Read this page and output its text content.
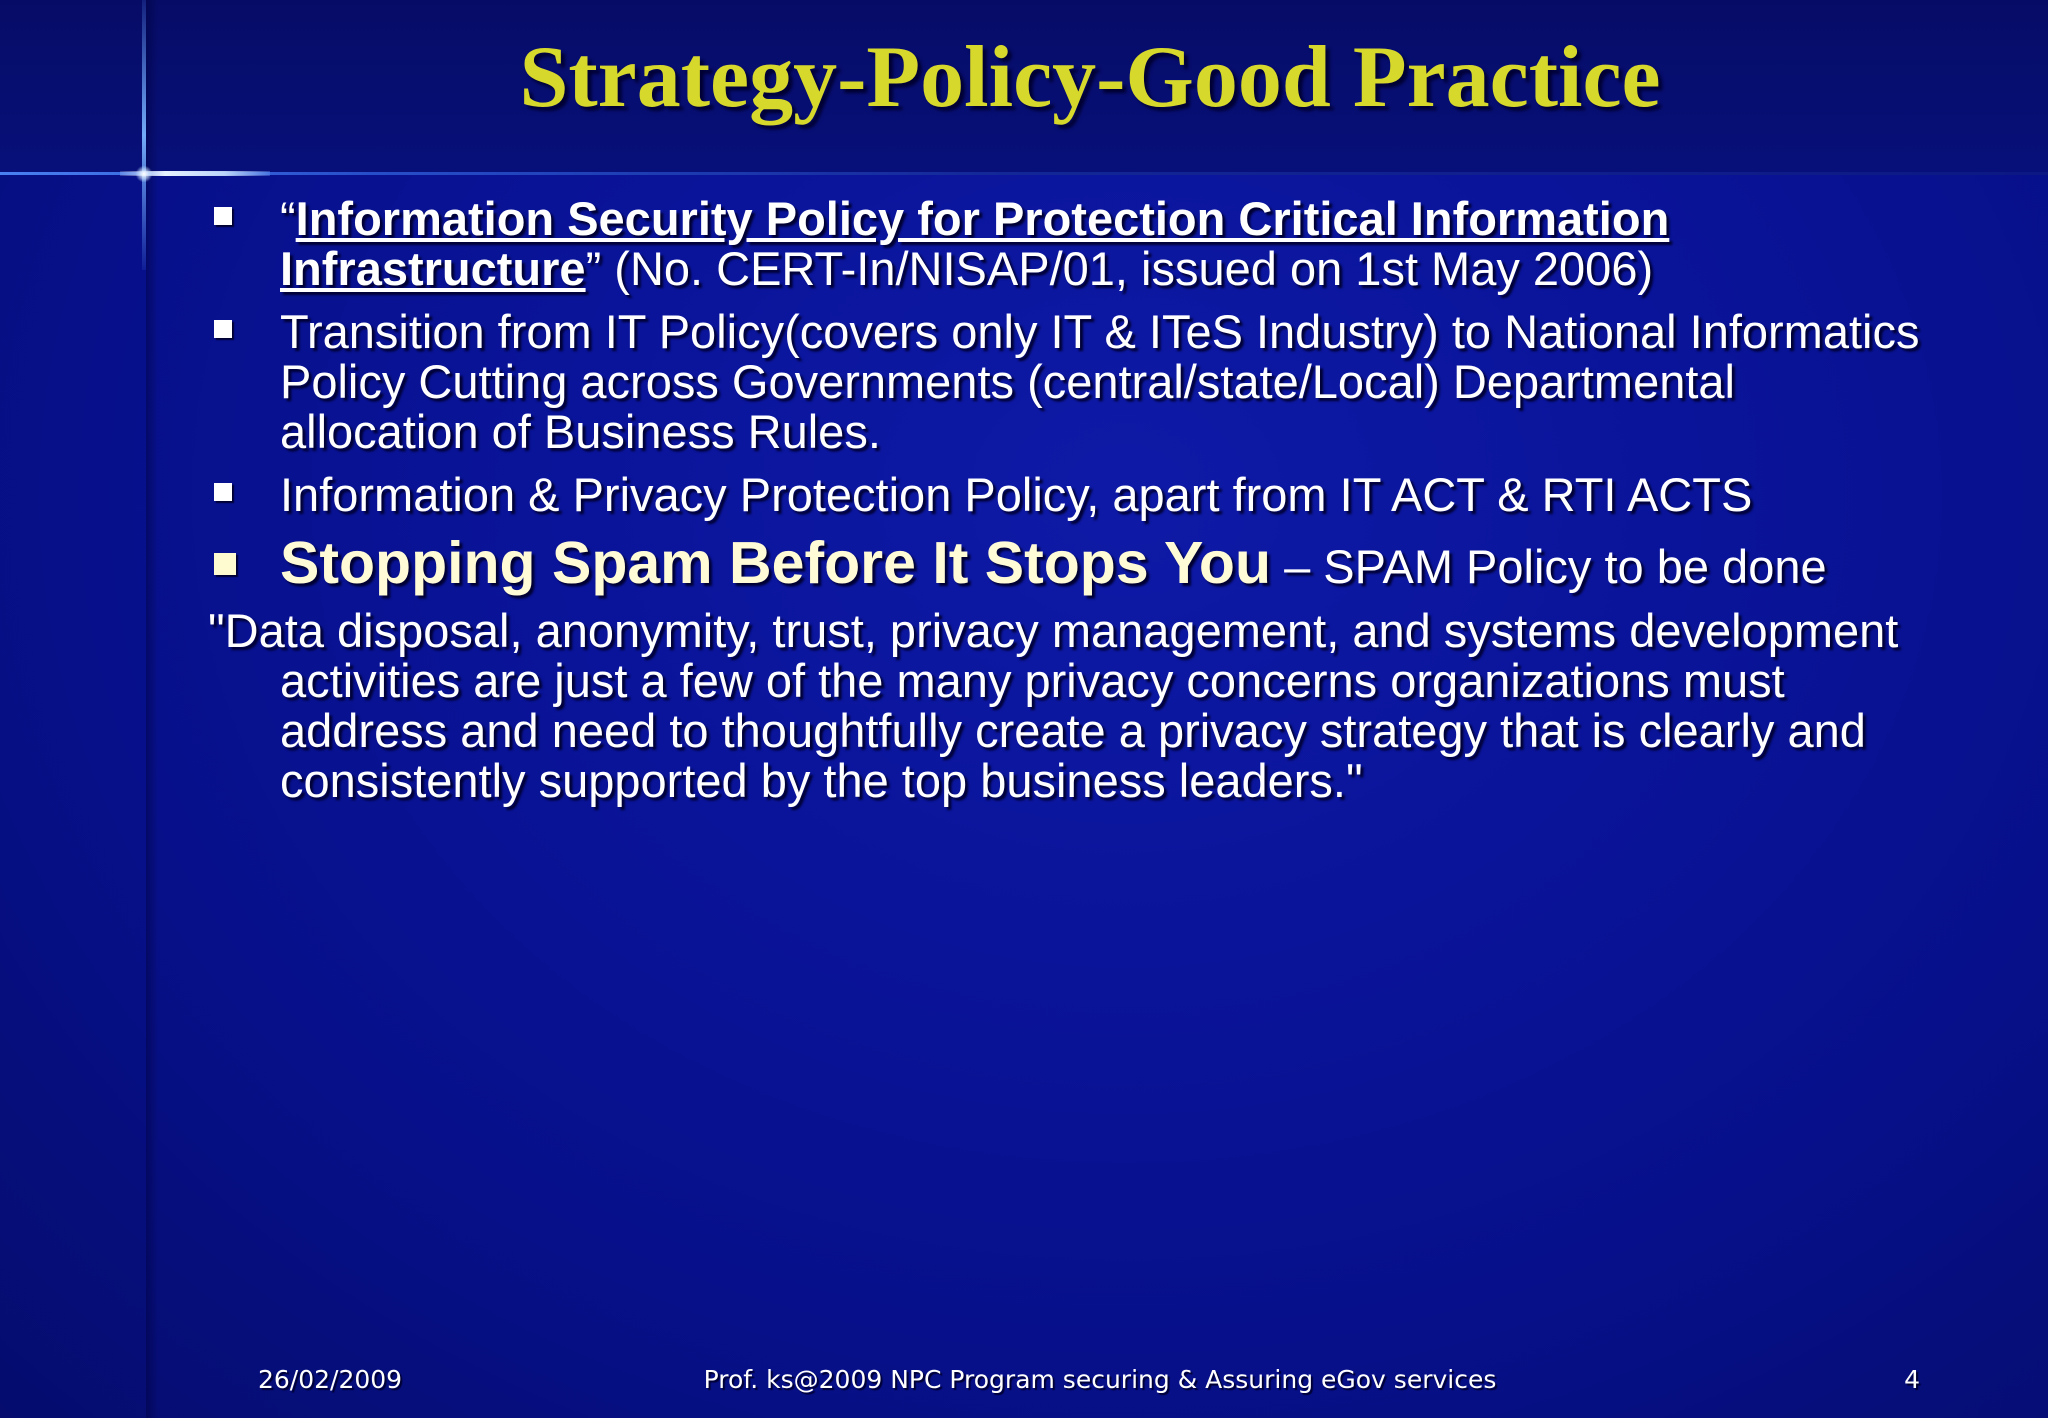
Strategy-Policy-Good Practice
“Information Security Policy for Protection Critical Information
Infrastructure” (No. CERT-In/NISAP/01, issued on 1st May 2006)
Transition from IT Policy(covers only IT & ITeS Industry) to National Informatics Policy Cutting across Governments (central/state/Local) Departmental allocation of Business Rules.
Information & Privacy Protection Policy, apart from IT ACT & RTI ACTS
Stopping Spam Before It Stops You – SPAM Policy to be done
"Data disposal, anonymity, trust, privacy management, and systems development activities are just a few of the many privacy concerns organizations must address and need to thoughtfully create a privacy strategy that is clearly and consistently supported by the top business leaders."
26/02/2009	Prof. ks@2009 NPC Program securing & Assuring eGov services	4
